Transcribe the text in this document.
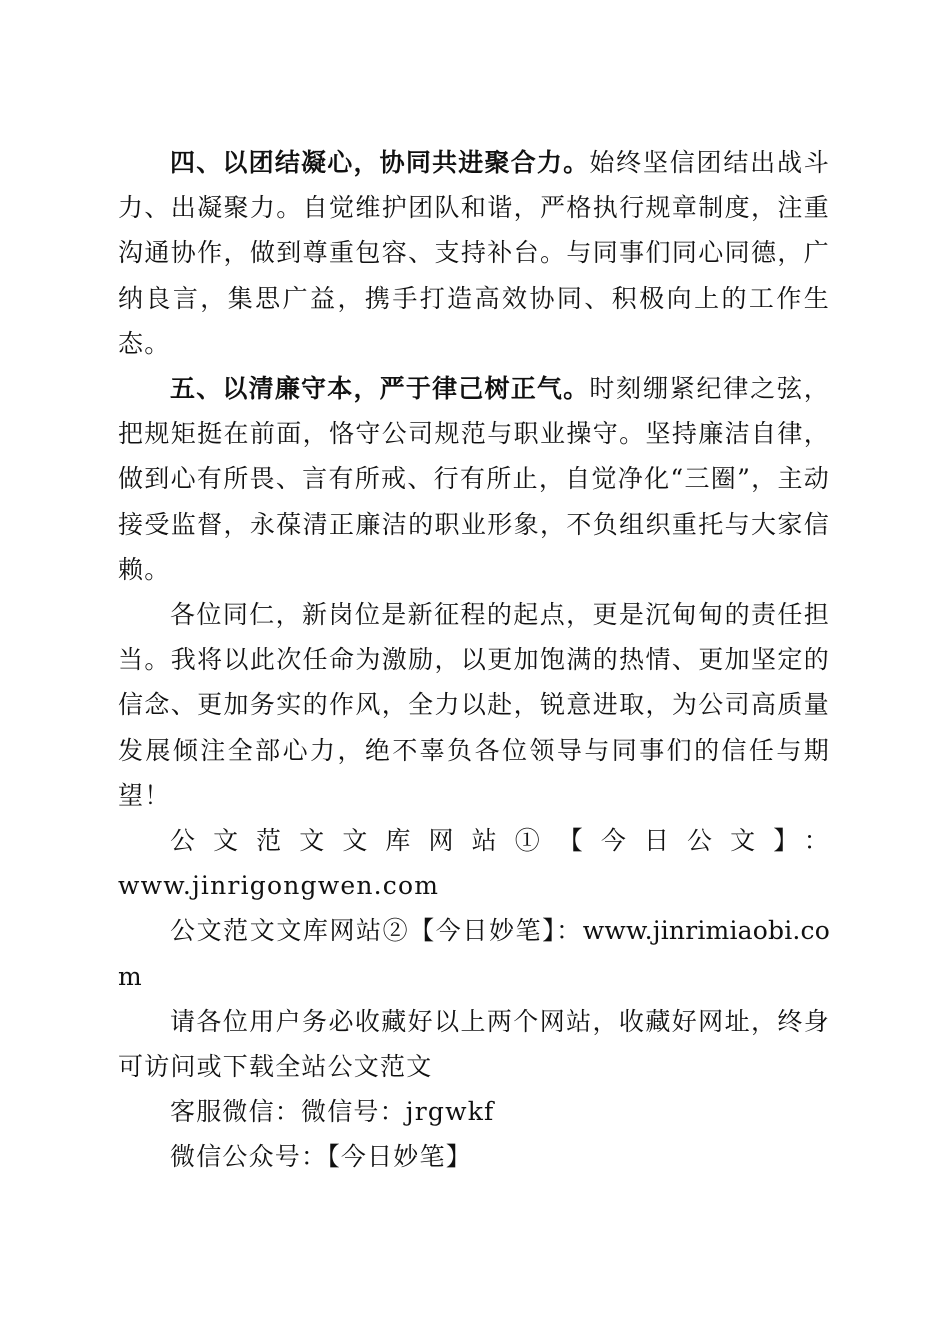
四、以团结凝心，协同共进聚合力。始终坚信团结出战斗力、出凝聚力。自觉维护团队和谐，严格执行规章制度，注重沟通协作，做到尊重包容、支持补台。与同事们同心同德，广纳良言，集思广益，携手打造高效协同、积极向上的工作生态。

五、以清廉守本，严于律己树正气。时刻绷紧纪律之弦，把规矩挺在前面，恪守公司规范与职业操守。坚持廉洁自律，做到心有所畏、言有所戒、行有所止，自觉净化“三圈”，主动接受监督，永葆清正廉洁的职业形象，不负组织重托与大家信赖。

各位同仁，新岗位是新征程的起点，更是沉甸甸的责任担当。我将以此次任命为激励，以更加饱满的热情、更加坚定的信念、更加务实的作风，全力以赴，锐意进取，为公司高质量发展倾注全部心力，绝不辜负各位领导与同事们的信任与期望！

公文范文文库网站①【今日公文】：

www.jinrigongwen.com

公文范文文库网站②【今日妙笔】：www.jinrimiaobi.com

请各位用户务必收藏好以上两个网站，收藏好网址，终身可访问或下载全站公文范文

客服微信：微信号：jrgwkf

微信公众号：【今日妙笔】
